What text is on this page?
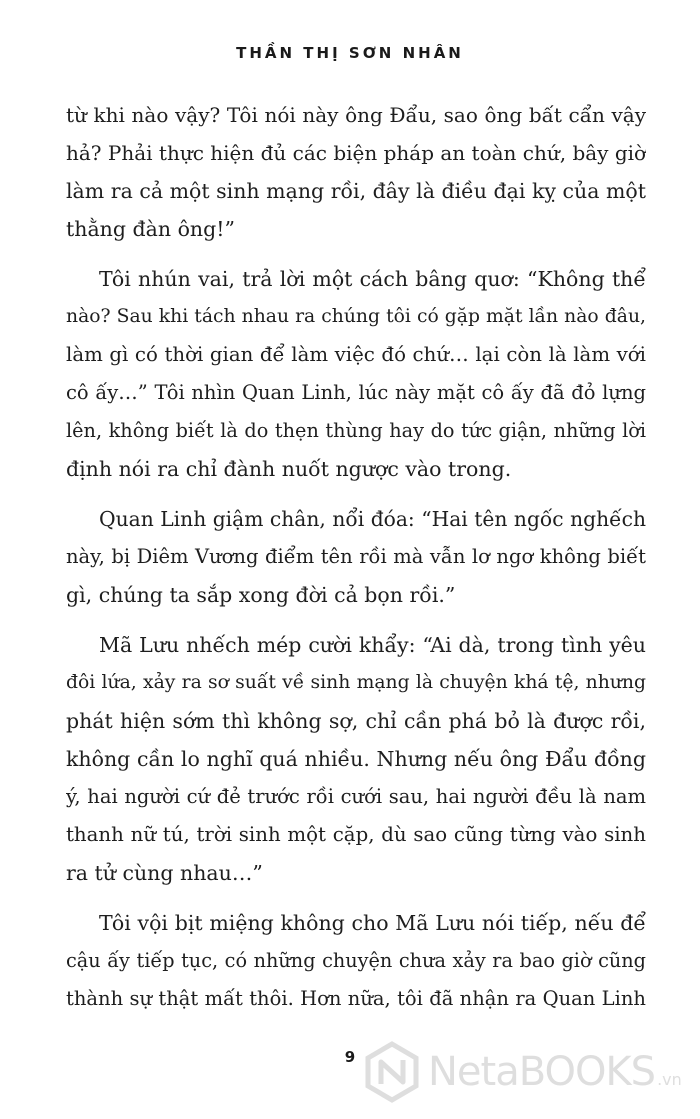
THẦN THỊ SƠN NHÂN
từ khi nào vậy? Tôi nói này ông Đẩu, sao ông bất cẩn vậy
hả? Phải thực hiện đủ các biện pháp an toàn chứ, bây giờ
làm ra cả một sinh mạng rồi, đây là điều đại kỵ của một
thằng đàn ông!”
Tôi nhún vai, trả lời một cách bâng quơ: “Không thể
nào? Sau khi tách nhau ra chúng tôi có gặp mặt lần nào đâu,
làm gì có thời gian để làm việc đó chứ… lại còn là làm với
cô ấy…” Tôi nhìn Quan Linh, lúc này mặt cô ấy đã đỏ lựng
lên, không biết là do thẹn thùng hay do tức giận, những lời
định nói ra chỉ đành nuốt ngược vào trong.
Quan Linh giậm chân, nổi đóa: “Hai tên ngốc nghếch
này, bị Diêm Vương điểm tên rồi mà vẫn lơ ngơ không biết
gì, chúng ta sắp xong đời cả bọn rồi.”
Mã Lưu nhếch mép cười khẩy: “Ai dà, trong tình yêu
đôi lứa, xảy ra sơ suất về sinh mạng là chuyện khá tệ, nhưng
phát hiện sớm thì không sợ, chỉ cần phá bỏ là được rồi,
không cần lo nghĩ quá nhiều. Nhưng nếu ông Đẩu đồng
ý, hai người cứ đẻ trước rồi cưới sau, hai người đều là nam
thanh nữ tú, trời sinh một cặp, dù sao cũng từng vào sinh
ra tử cùng nhau…”
Tôi vội bịt miệng không cho Mã Lưu nói tiếp, nếu để
cậu ấy tiếp tục, có những chuyện chưa xảy ra bao giờ cũng
thành sự thật mất thôi. Hơn nữa, tôi đã nhận ra Quan Linh
9	NetaBOOKS .vn
